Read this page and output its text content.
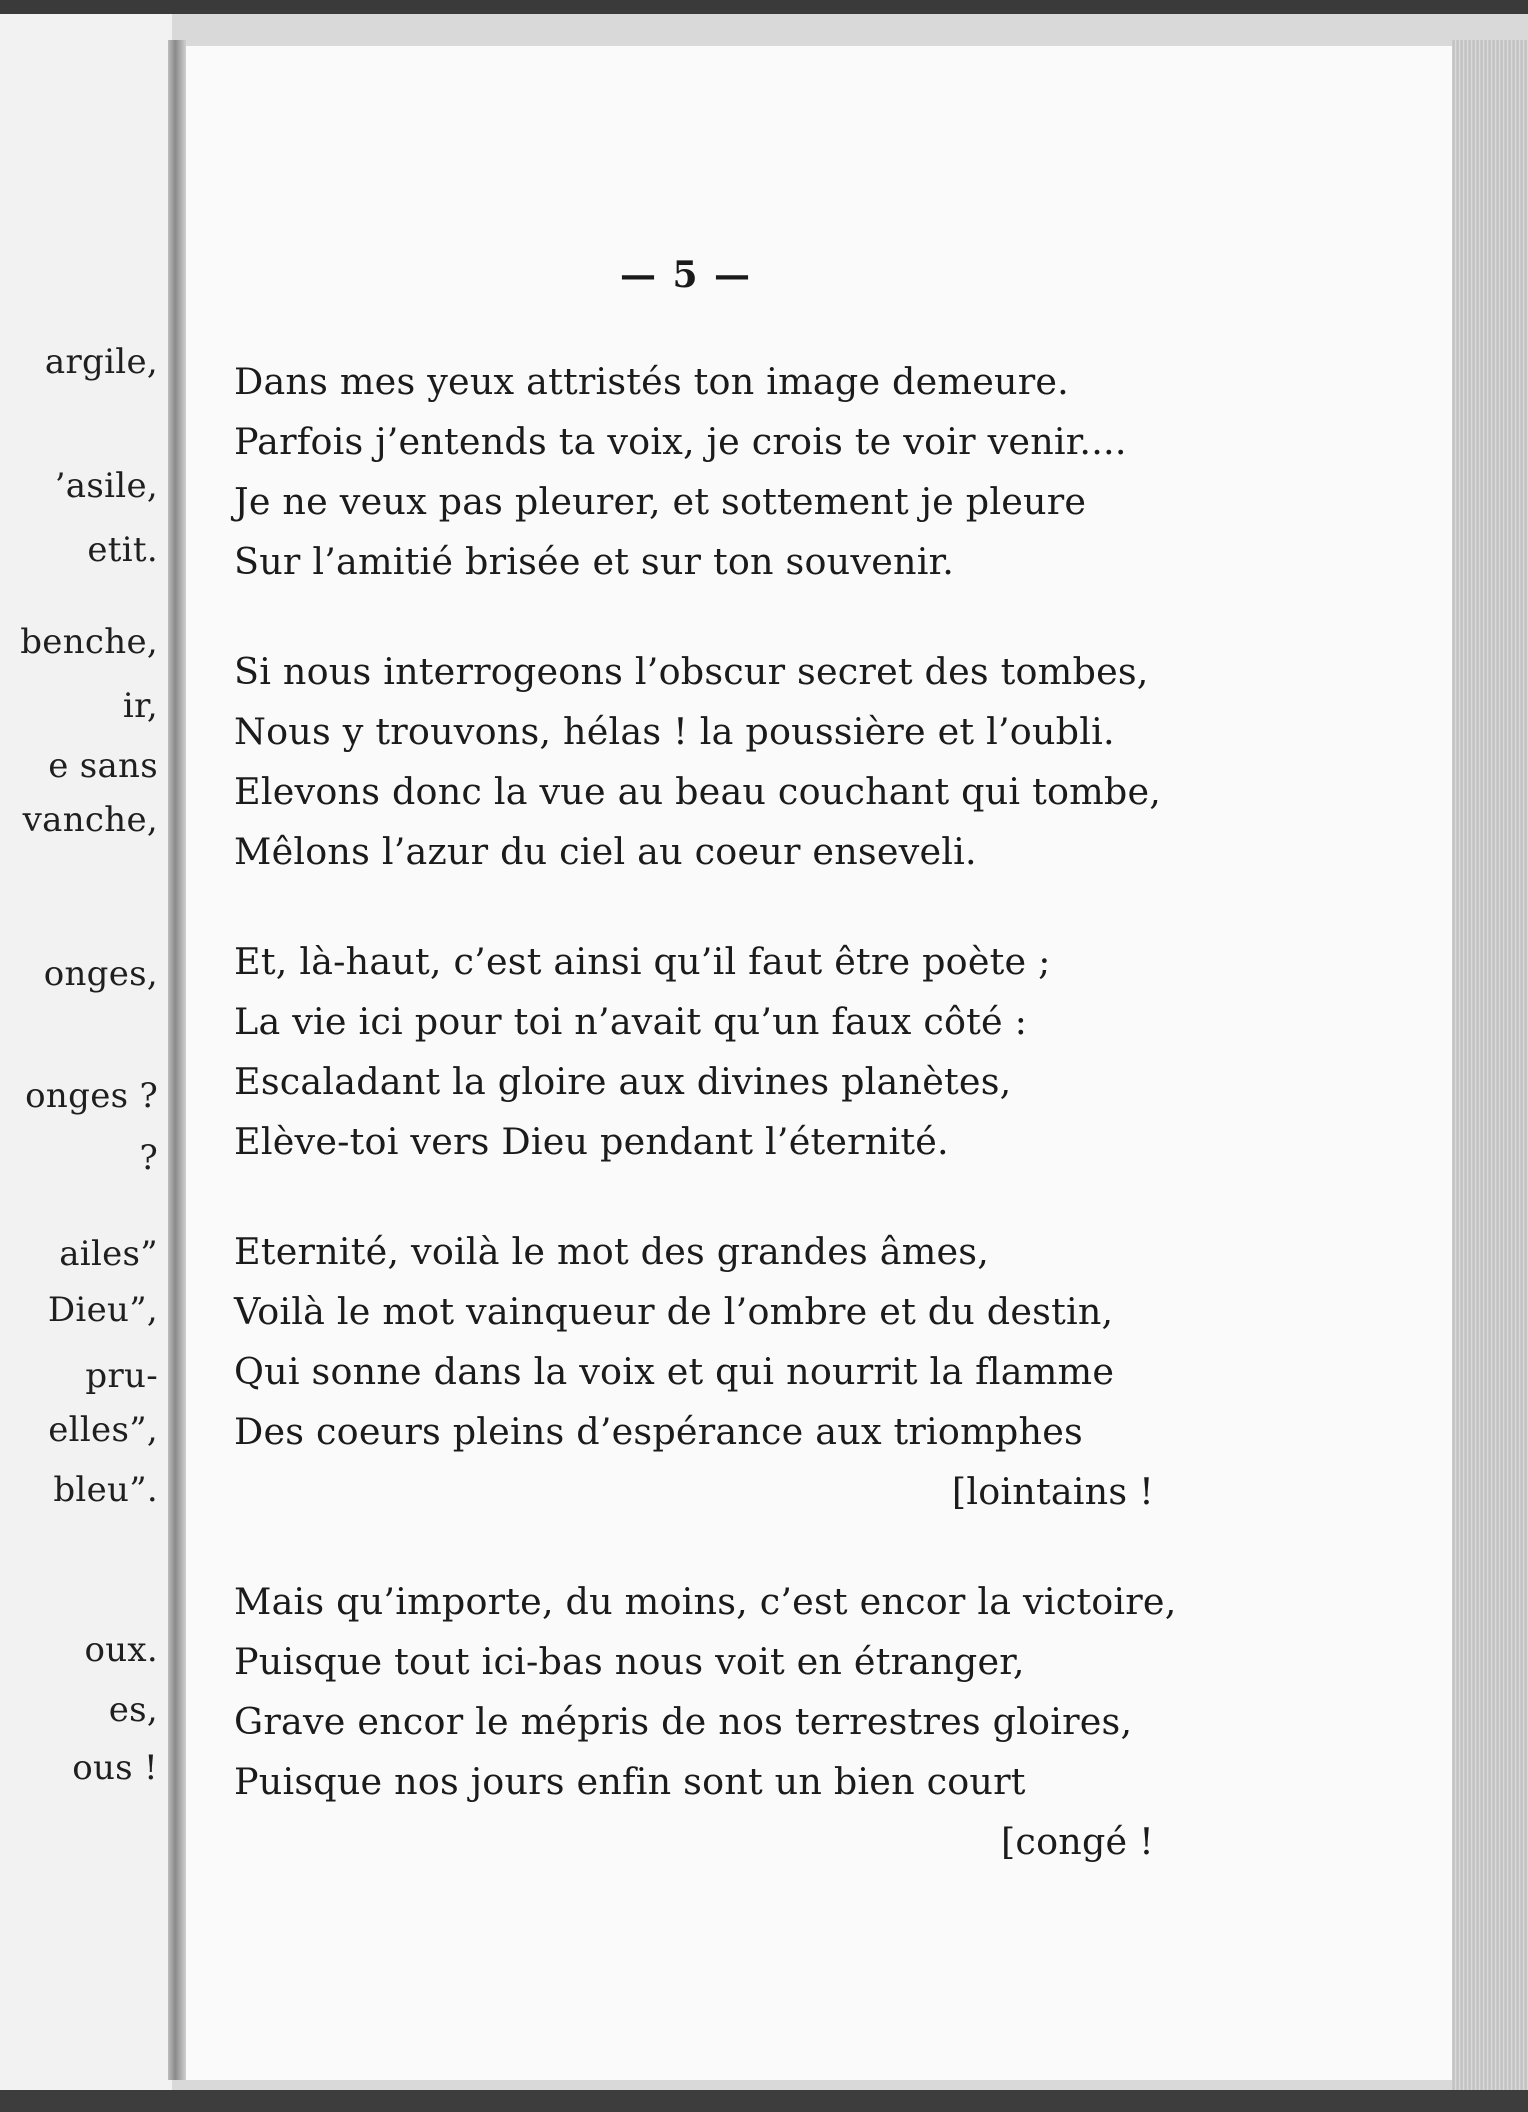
argile,
’asile,
etit.
benche,
ir,
e sans
vanche,
onges,
onges ?
?
ailes”
Dieu”,
pru-
elles”,
bleu”.
oux.
es,
ous !
— 5 —
Dans mes yeux attristés ton image demeure.
Parfois j’entends ta voix, je crois te voir venir....
Je ne veux pas pleurer, et sottement je pleure
Sur l’amitié brisée et sur ton souvenir.
Si nous interrogeons l’obscur secret des tombes,
Nous y trouvons, hélas ! la poussière et l’oubli.
Elevons donc la vue au beau couchant qui tombe,
Mêlons l’azur du ciel au coeur enseveli.
Et, là-haut, c’est ainsi qu’il faut être poète ;
La vie ici pour toi n’avait qu’un faux côté :
Escaladant la gloire aux divines planètes,
Elève-toi vers Dieu pendant l’éternité.
Eternité, voilà le mot des grandes âmes,
Voilà le mot vainqueur de l’ombre et du destin,
Qui sonne dans la voix et qui nourrit la flamme
Des coeurs pleins d’espérance aux triomphes
[lointains !
Mais qu’importe, du moins, c’est encor la victoire,
Puisque tout ici-bas nous voit en étranger,
Grave encor le mépris de nos terrestres gloires,
Puisque nos jours enfin sont un bien court
[congé !
